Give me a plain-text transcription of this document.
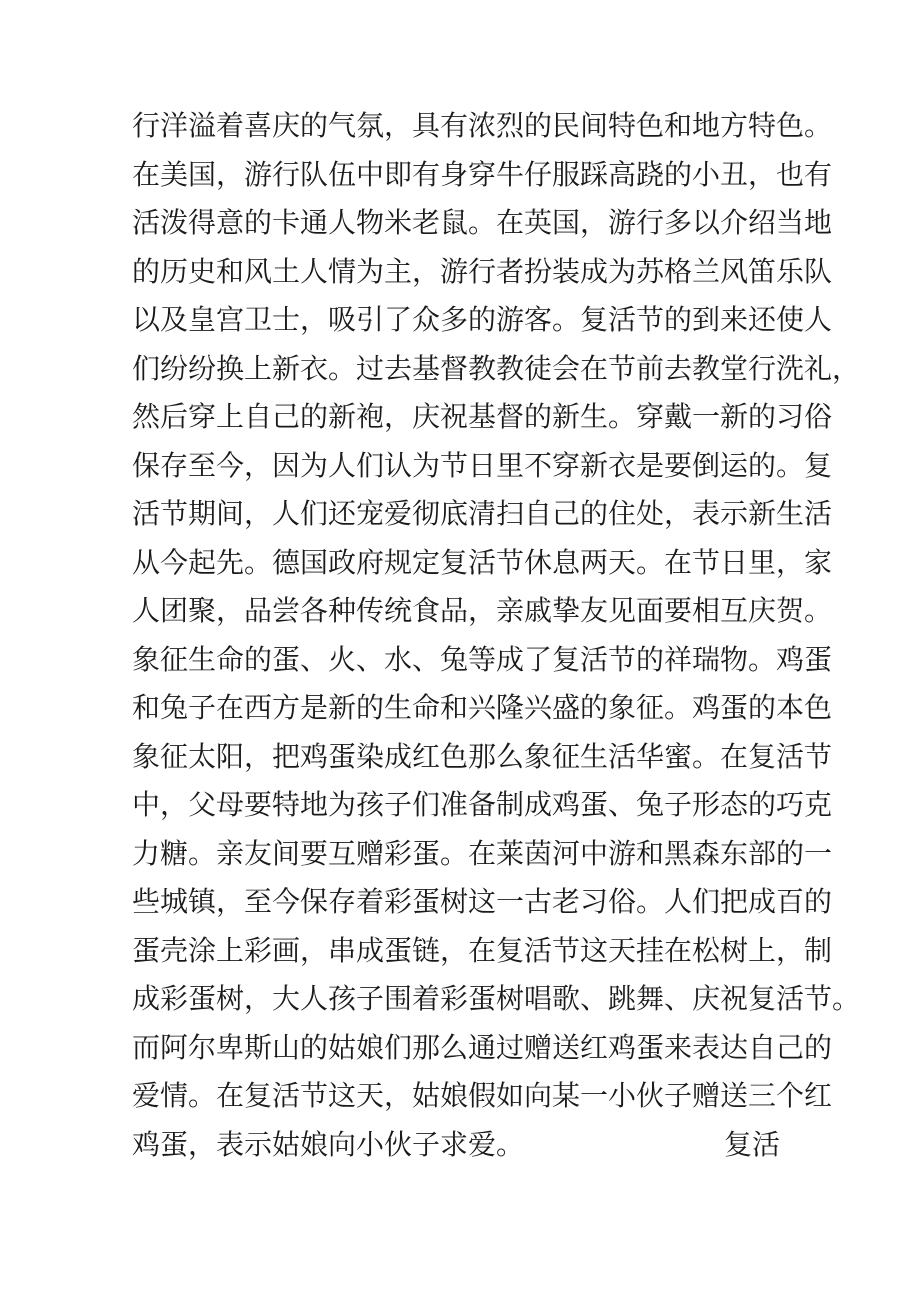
行洋溢着喜庆的气氛，具有浓烈的民间特色和地方特色。
在美国，游行队伍中即有身穿牛仔服踩高跷的小丑，也有
活泼得意的卡通人物米老鼠。在英国，游行多以介绍当地
的历史和风土人情为主，游行者扮装成为苏格兰风笛乐队
以及皇宫卫士，吸引了众多的游客。复活节的到来还使人
们纷纷换上新衣。过去基督教教徒会在节前去教堂行洗礼，
然后穿上自己的新袍，庆祝基督的新生。穿戴一新的习俗
保存至今，因为人们认为节日里不穿新衣是要倒运的。复
活节期间，人们还宠爱彻底清扫自己的住处，表示新生活
从今起先。德国政府规定复活节休息两天。在节日里，家
人团聚，品尝各种传统食品，亲戚挚友见面要相互庆贺。
象征生命的蛋、火、水、兔等成了复活节的祥瑞物。鸡蛋
和兔子在西方是新的生命和兴隆兴盛的象征。鸡蛋的本色
象征太阳，把鸡蛋染成红色那么象征生活华蜜。在复活节
中，父母要特地为孩子们准备制成鸡蛋、兔子形态的巧克
力糖。亲友间要互赠彩蛋。在莱茵河中游和黑森东部的一
些城镇，至今保存着彩蛋树这一古老习俗。人们把成百的
蛋壳涂上彩画，串成蛋链，在复活节这天挂在松树上，制
成彩蛋树，大人孩子围着彩蛋树唱歌、跳舞、庆祝复活节。
而阿尔卑斯山的姑娘们那么通过赠送红鸡蛋来表达自己的
爱情。在复活节这天，姑娘假如向某一小伙子赠送三个红
鸡蛋，表示姑娘向小伙子求爱。	复活
